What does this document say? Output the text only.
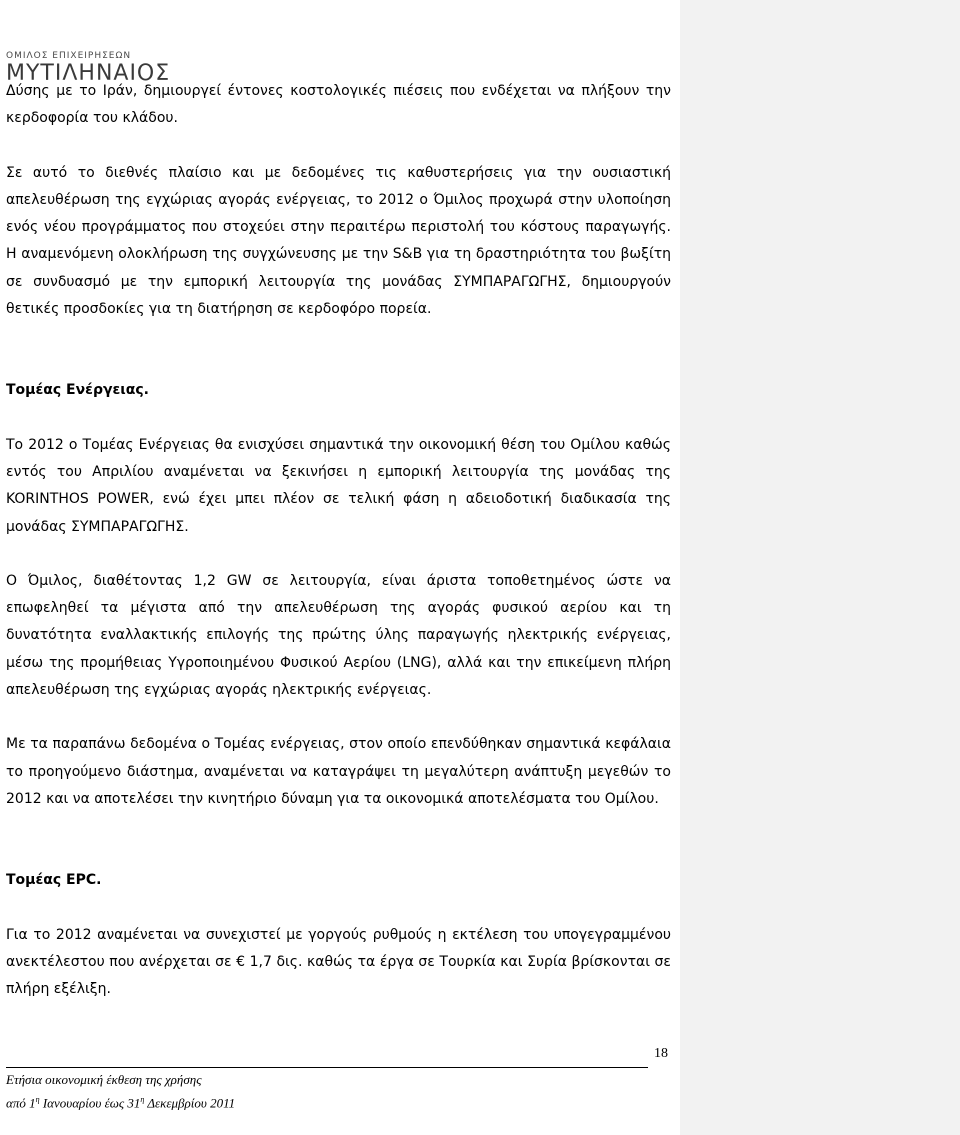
ΟΜΙΛΟΣ ΕΠΙΧΕΙΡΗΣΕΩΝ
ΜΥΤΙΛΗΝΑΙΟΣ

Δύσης με το Ιράν, δημιουργεί έντονες κοστολογικές πιέσεις που ενδέχεται να πλήξουν την κερδοφορία του κλάδου.

Σε αυτό το διεθνές πλαίσιο και με δεδομένες τις καθυστερήσεις για την ουσιαστική απελευθέρωση της εγχώριας αγοράς ενέργειας, το 2012 ο Όμιλος προχωρά στην υλοποίηση ενός νέου προγράμματος που στοχεύει στην περαιτέρω περιστολή του κόστους παραγωγής. Η αναμενόμενη ολοκλήρωση της συγχώνευσης με την S&B για τη δραστηριότητα του βωξίτη σε συνδυασμό με την εμπορική λειτουργία της μονάδας ΣΥΜΠΑΡΑΓΩΓΗΣ, δημιουργούν θετικές προσδοκίες για τη διατήρηση σε κερδοφόρο πορεία.

Τομέας Ενέργειας.

Το 2012 ο Τομέας Ενέργειας θα ενισχύσει σημαντικά την οικονομική θέση του Ομίλου καθώς εντός του Απριλίου αναμένεται να ξεκινήσει η εμπορική λειτουργία της μονάδας της KORINTHOS POWER, ενώ έχει μπει πλέον σε τελική φάση η αδειοδοτική διαδικασία της μονάδας ΣΥΜΠΑΡΑΓΩΓΗΣ.

Ο Όμιλος, διαθέτοντας 1,2 GW σε λειτουργία, είναι άριστα τοποθετημένος ώστε να επωφεληθεί τα μέγιστα από την απελευθέρωση της αγοράς φυσικού αερίου και τη δυνατότητα εναλλακτικής επιλογής της πρώτης ύλης παραγωγής ηλεκτρικής ενέργειας, μέσω της προμήθειας Υγροποιημένου Φυσικού Αερίου (LNG), αλλά και την επικείμενη πλήρη απελευθέρωση της εγχώριας αγοράς ηλεκτρικής ενέργειας.

Με τα παραπάνω δεδομένα ο Τομέας ενέργειας, στον οποίο επενδύθηκαν σημαντικά κεφάλαια το προηγούμενο διάστημα, αναμένεται να καταγράψει τη μεγαλύτερη ανάπτυξη μεγεθών το 2012 και να αποτελέσει την κινητήριο δύναμη για τα οικονομικά αποτελέσματα του Ομίλου.

Τομέας EPC.

Για το 2012 αναμένεται να συνεχιστεί με γοργούς ρυθμούς η εκτέλεση του υπογεγραμμένου ανεκτέλεστου που ανέρχεται σε € 1,7 δις. καθώς τα έργα σε Τουρκία και Συρία βρίσκονται σε πλήρη εξέλιξη.

18
Ετήσια οικονομική έκθεση της χρήσης
από $1^\eta$ Ιανουαρίου έως $31^\eta$ Δεκεμβρίου 2011
